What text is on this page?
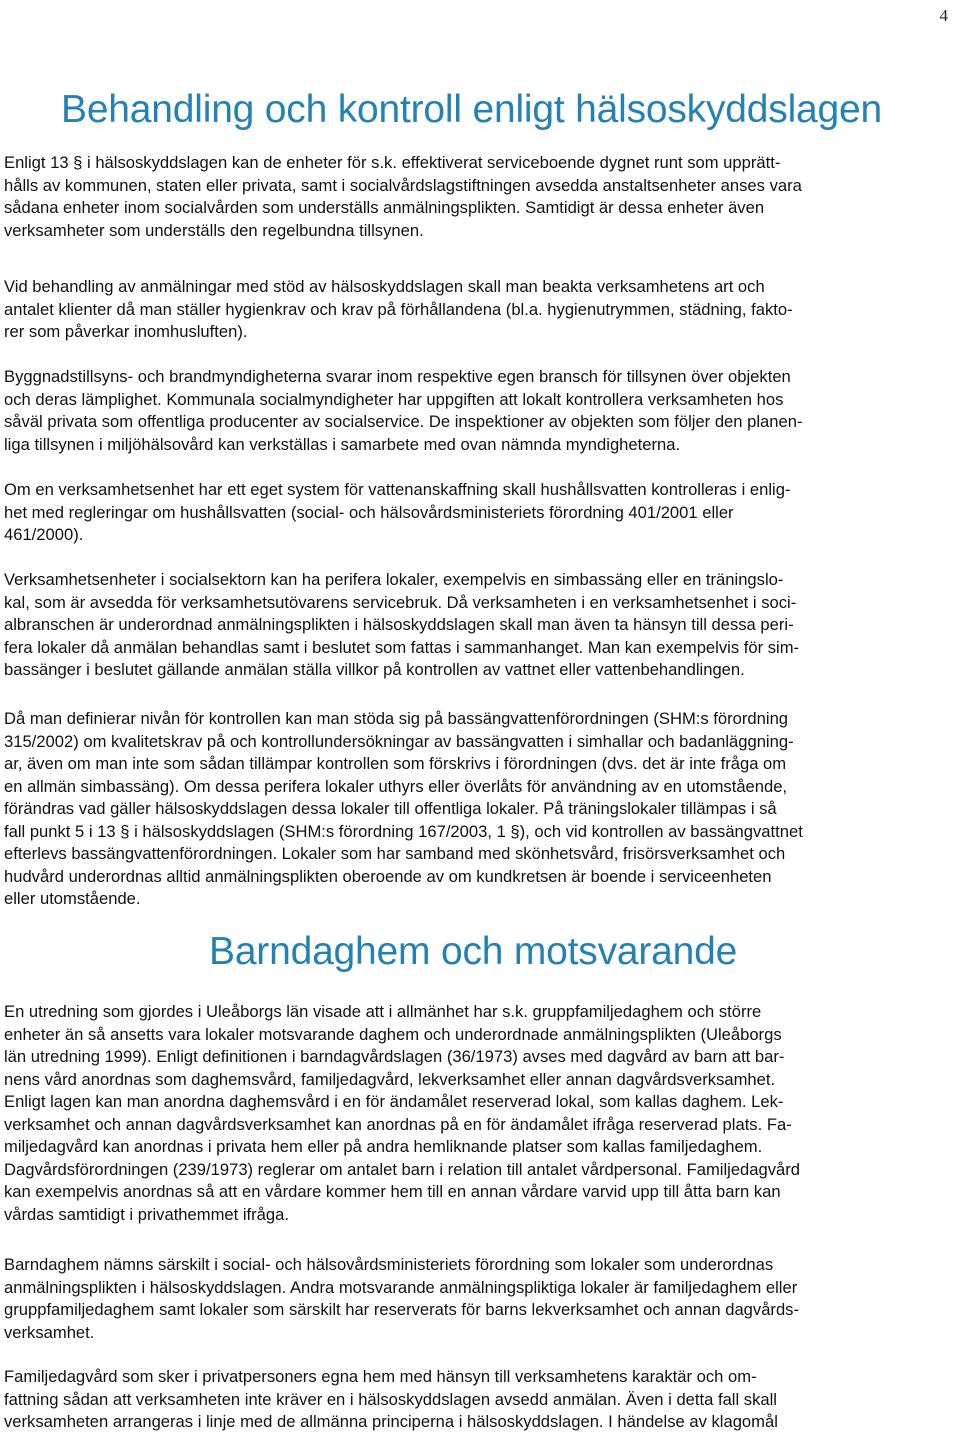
4
Behandling och kontroll enligt hälsoskyddslagen
Enligt 13 § i hälsoskyddslagen kan de enheter för s.k. effektiverat serviceboende dygnet runt som upprätt-
hålls av kommunen, staten eller privata, samt i socialvårdslagstiftningen avsedda anstaltsenheter anses vara
sådana enheter inom socialvården som underställs anmälningsplikten. Samtidigt är dessa enheter även
verksamheter som underställs den regelbundna tillsynen.
Vid behandling av anmälningar med stöd av hälsoskyddslagen skall man beakta verksamhetens art och
antalet klienter då man ställer hygienkrav och krav på förhållandena (bl.a. hygienutrymmen, städning, fakto-
rer som påverkar inomhusluften).
Byggnadstillsyns- och brandmyndigheterna svarar inom respektive egen bransch för tillsynen över objekten
och deras lämplighet. Kommunala socialmyndigheter har uppgiften att lokalt kontrollera verksamheten hos
såväl privata som offentliga producenter av socialservice. De inspektioner av objekten som följer den planen-
liga tillsynen i miljöhälsovård kan verkställas i samarbete med ovan nämnda myndigheterna.
Om en verksamhetsenhet har ett eget system för vattenanskaffning skall hushållsvatten kontrolleras i enlig-
het med regleringar om hushållsvatten (social- och hälsovårdsministeriets förordning 401/2001 eller
461/2000).
Verksamhetsenheter i socialsektorn kan ha perifera lokaler, exempelvis en simbassäng eller en träningslo-
kal, som är avsedda för verksamhetsutövarens servicebruk. Då verksamheten i en verksamhetsenhet i soci-
albranschen är underordnad anmälningsplikten i hälsoskyddslagen skall man även ta hänsyn till dessa peri-
fera lokaler då anmälan behandlas samt i beslutet som fattas i sammanhanget. Man kan exempelvis för sim-
bassänger i beslutet gällande anmälan ställa villkor på kontrollen av vattnet eller vattenbehandlingen.
Då man definierar nivån för kontrollen kan man stöda sig på bassängvattenförordningen (SHM:s förordning
315/2002) om kvalitetskrav på och kontrollundersökningar av bassängvatten i simhallar och badanläggning-
ar, även om man inte som sådan tillämpar kontrollen som förskrivs i förordningen (dvs. det är inte fråga om
en allmän simbassäng). Om dessa perifera lokaler uthyrs eller överlåts för användning av en utomstående,
förändras vad gäller hälsoskyddslagen dessa lokaler till offentliga lokaler. På träningslokaler tillämpas i så
fall punkt 5 i 13 § i hälsoskyddslagen (SHM:s förordning 167/2003, 1 §), och vid kontrollen av bassängvattnet
efterlevs bassängvattenförordningen. Lokaler som har samband med skönhetsvård, frisörsverksamhet och
hudvård underordnas alltid anmälningsplikten oberoende av om kundkretsen är boende i serviceenheten
eller utomstående.
Barndaghem och motsvarande
En utredning som gjordes i Uleåborgs län visade att i allmänhet har s.k. gruppfamiljedaghem och större
enheter än så ansetts vara lokaler motsvarande daghem och underordnade anmälningsplikten (Uleåborgs
län utredning 1999). Enligt definitionen i barndagvårdslagen (36/1973) avses med dagvård av barn att bar-
nens vård anordnas som daghemsvård, familjedagvård, lekverksamhet eller annan dagvårdsverksamhet.
Enligt lagen kan man anordna daghemsvård i en för ändamålet reserverad lokal, som kallas daghem. Lek-
verksamhet och annan dagvårdsverksamhet kan anordnas på en för ändamålet ifråga reserverad plats. Fa-
miljedagvård kan anordnas i privata hem eller på andra hemliknande platser som kallas familjedaghem.
Dagvårdsförordningen (239/1973) reglerar om antalet barn i relation till antalet vårdpersonal. Familjedagvård
kan exempelvis anordnas så att en vårdare kommer hem till en annan vårdare varvid upp till åtta barn kan
vårdas samtidigt i privathemmet ifråga.
Barndaghem nämns särskilt i social- och hälsovårdsministeriets förordning som lokaler som underordnas
anmälningsplikten i hälsoskyddslagen. Andra motsvarande anmälningspliktiga lokaler är familjedaghem eller
gruppfamiljedaghem samt lokaler som särskilt har reserverats för barns lekverksamhet och annan dagvårds-
verksamhet.
Familjedagvård som sker i privatpersoners egna hem med hänsyn till verksamhetens karaktär och om-
fattning sådan att verksamheten inte kräver en i hälsoskyddslagen avsedd anmälan. Även i detta fall skall
verksamheten arrangeras i linje med de allmänna principerna i hälsoskyddslagen. I händelse av klagomål
